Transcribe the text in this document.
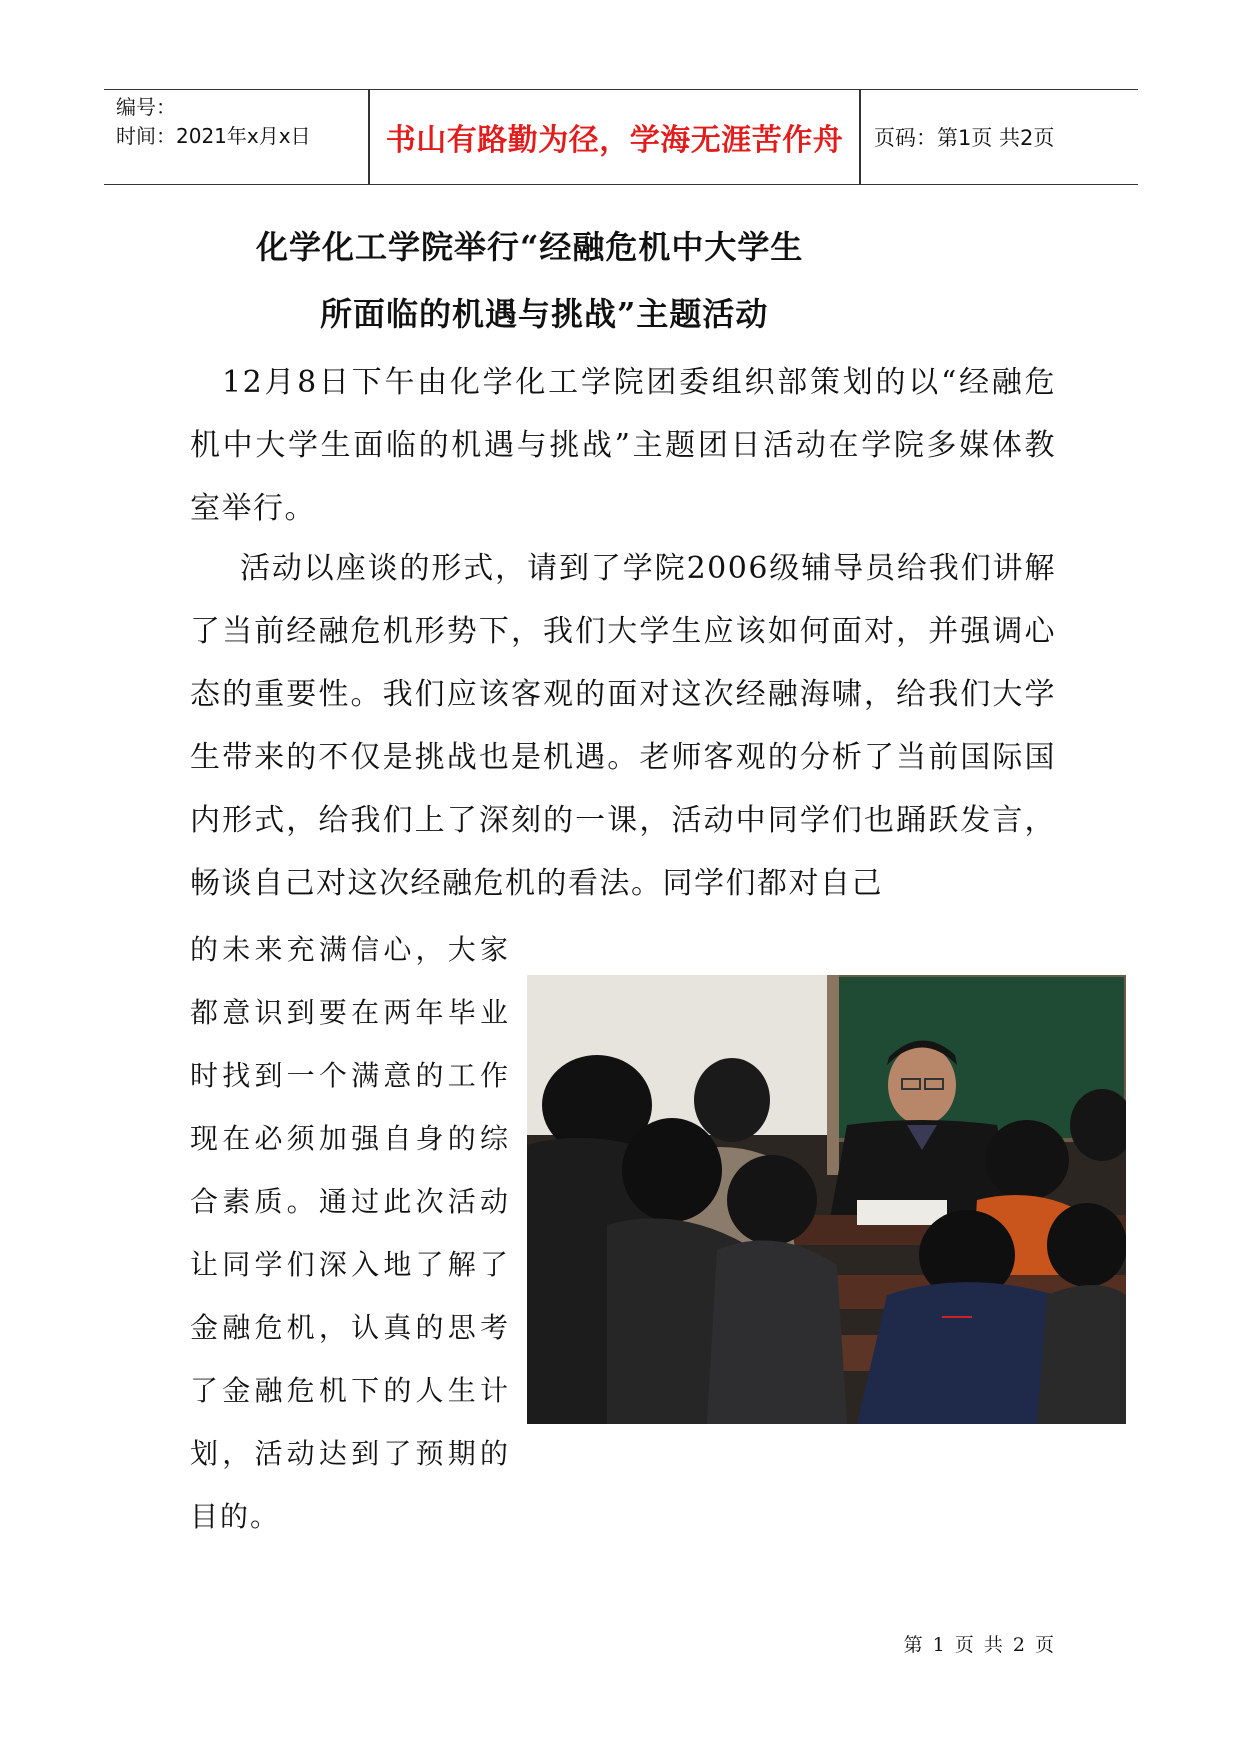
编号：
时间：2021年x月x日	书山有路勤为径，学海无涯苦作舟	页码：第1页 共2页
化学化工学院举行“经融危机中大学生
所面临的机遇与挑战”主题活动

12月8日下午由化学化工学院团委组织部策划的以“经融危机中大学生面临的机遇与挑战”主题团日活动在学院多媒体教室举行。

活动以座谈的形式，请到了学院2006级辅导员给我们讲解了当前经融危机形势下，我们大学生应该如何面对，并强调心态的重要性。我们应该客观的面对这次经融海啸，给我们大学生带来的不仅是挑战也是机遇。老师客观的分析了当前国际国内形式，给我们上了深刻的一课，活动中同学们也踊跃发言，畅谈自己对这次经融危机的看法。同学们都对自己

的未来充满信心，大家都意识到要在两年毕业时找到一个满意的工作现在必须加强自身的综合素质。通过此次活动让同学们深入地了解了金融危机，认真的思考了金融危机下的人生计划，活动达到了预期的目的。

第 1 页 共 2 页
